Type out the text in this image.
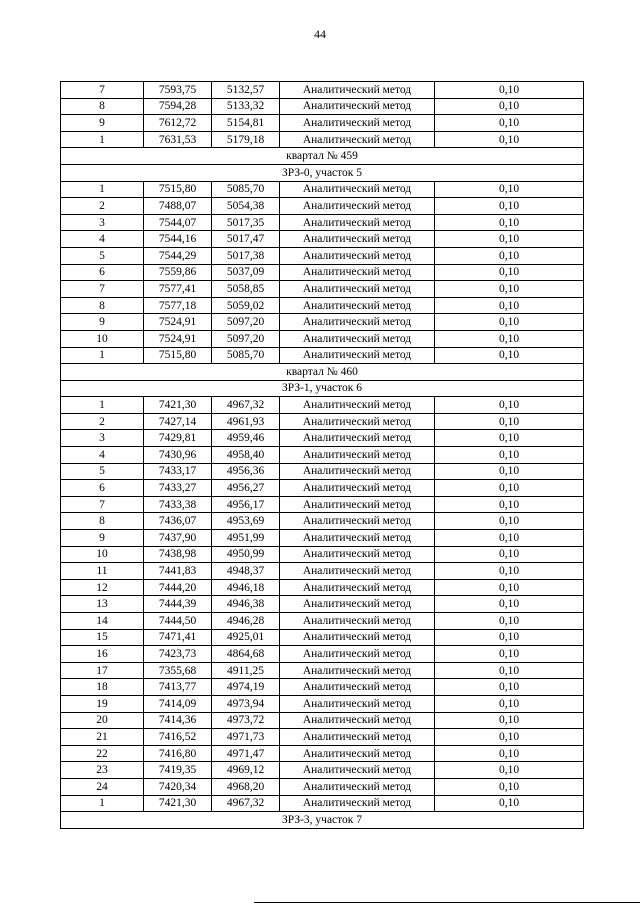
44
7	7593,75	5132,57	Аналитический метод	0,10
8	7594,28	5133,32	Аналитический метод	0,10
9	7612,72	5154,81	Аналитический метод	0,10
1	7631,53	5179,18	Аналитический метод	0,10
квартал № 459				
ЗРЗ-0, участок 5				
1	7515,80	5085,70	Аналитический метод	0,10
2	7488,07	5054,38	Аналитический метод	0,10
3	7544,07	5017,35	Аналитический метод	0,10
4	7544,16	5017,47	Аналитический метод	0,10
5	7544,29	5017,38	Аналитический метод	0,10
6	7559,86	5037,09	Аналитический метод	0,10
7	7577,41	5058,85	Аналитический метод	0,10
8	7577,18	5059,02	Аналитический метод	0,10
9	7524,91	5097,20	Аналитический метод	0,10
10	7524,91	5097,20	Аналитический метод	0,10
1	7515,80	5085,70	Аналитический метод	0,10
квартал № 460				
ЗРЗ-1, участок 6				
1	7421,30	4967,32	Аналитический метод	0,10
2	7427,14	4961,93	Аналитический метод	0,10
3	7429,81	4959,46	Аналитический метод	0,10
4	7430,96	4958,40	Аналитический метод	0,10
5	7433,17	4956,36	Аналитический метод	0,10
6	7433,27	4956,27	Аналитический метод	0,10
7	7433,38	4956,17	Аналитический метод	0,10
8	7436,07	4953,69	Аналитический метод	0,10
9	7437,90	4951,99	Аналитический метод	0,10
10	7438,98	4950,99	Аналитический метод	0,10
11	7441,83	4948,37	Аналитический метод	0,10
12	7444,20	4946,18	Аналитический метод	0,10
13	7444,39	4946,38	Аналитический метод	0,10
14	7444,50	4946,28	Аналитический метод	0,10
15	7471,41	4925,01	Аналитический метод	0,10
16	7423,73	4864,68	Аналитический метод	0,10
17	7355,68	4911,25	Аналитический метод	0,10
18	7413,77	4974,19	Аналитический метод	0,10
19	7414,09	4973,94	Аналитический метод	0,10
20	7414,36	4973,72	Аналитический метод	0,10
21	7416,52	4971,73	Аналитический метод	0,10
22	7416,80	4971,47	Аналитический метод	0,10
23	7419,35	4969,12	Аналитический метод	0,10
24	7420,34	4968,20	Аналитический метод	0,10
1	7421,30	4967,32	Аналитический метод	0,10
ЗРЗ-3, участок 7				
